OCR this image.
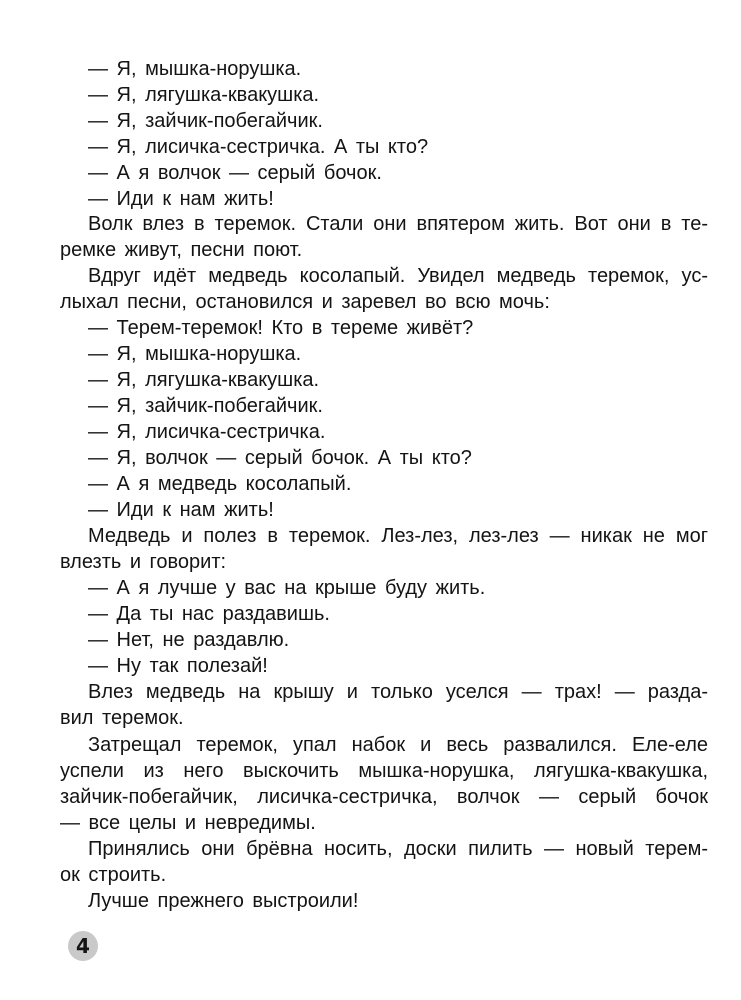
— Я, мышка-норушка.
— Я, лягушка-квакушка.
— Я, зайчик-побегайчик.
— Я, лисичка-сестричка. А ты кто?
— А я волчок — серый бочок.
— Иди к нам жить!
Волк влез в теремок. Стали они впятером жить. Вот они в те-
ремке живут, песни поют.
Вдруг идёт медведь косолапый. Увидел медведь теремок, ус-
лыхал песни, остановился и заревел во всю мочь:
— Терем-теремок! Кто в тереме живёт?
— Я, мышка-норушка.
— Я, лягушка-квакушка.
— Я, зайчик-побегайчик.
— Я, лисичка-сестричка.
— Я, волчок — серый бочок. А ты кто?
— А я медведь косолапый.
— Иди к нам жить!
Медведь и полез в теремок. Лез-лез, лез-лез — никак не мог
влезть и говорит:
— А я лучше у вас на крыше буду жить.
— Да ты нас раздавишь.
— Нет, не раздавлю.
— Ну так полезай!
Влез медведь на крышу и только уселся — трах! — разда-
вил теремок.
Затрещал теремок, упал набок и весь развалился. Еле-еле
успели из него выскочить мышка-норушка, лягушка-квакушка,
зайчик-побегайчик, лисичка-сестричка, волчок — серый бочок
— все целы и невредимы.
Принялись они брёвна носить, доски пилить — новый терем-
ок строить.
Лучше прежнего выстроили!
4
